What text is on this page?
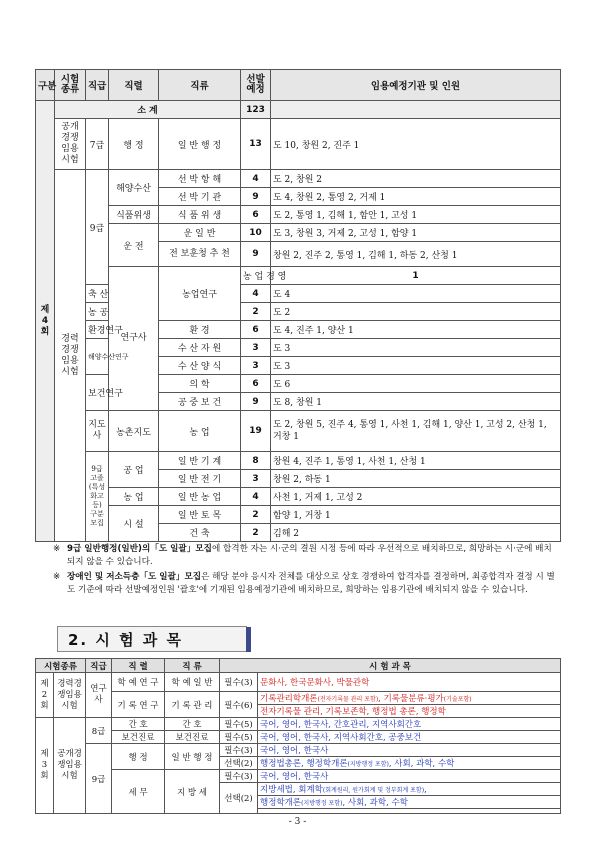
구분	시험종류	직급	직렬	직류	선발예정	임용예정기관 및 인원	
제4회	소 계				123		
	공개경쟁임용시험	7급	행 정	일 반 행 정	13	도 10, 창원 2, 진주 1	
	경력경쟁임용시험	9급	해양수산	선 박 항 해	4	도 2, 창원 2	
				선 박 기 관	9	도 4, 창원 2, 통영 2, 거제 1	
			식품위생	식 품 위 생	6	도 2, 통영 1, 김해 1, 함안 1, 고성 1	
			운 전	운 일 반	10	도 3, 창원 3, 거제 2, 고성 1, 함양 1	
				전 보훈청 추 천	9	창원 2, 진주 2, 통영 1, 김해 1, 하동 2, 산청 1	
			연구사	농업연구	농 업 경 영	1	
		축 산			4	도 4	
		농 공			2	도 2	
		환경연구		환 경	6	도 4, 진주 1, 양산 1	
		해양수산연구		수 산 자 원	3	도 3	
				수 산 양 식	3	도 3	
		보건연구		의 학	6	도 6	
				공 중 보 건	9	도 8, 창원 1	
		지도사	농촌지도	농 업	19	도 2, 창원 5, 진주 4, 통영 1, 사천 1, 김해 1, 양산 1, 고성 2, 산청 1, 거창 1	
		9급 고졸 (특성화고 등) 구분 모집	공 업	일 반 기 계	8	창원 4, 진주 1, 통영 1, 사천 1, 산청 1	
				일 반 전 기	3	창원 2, 하동 1	
			농 업	일 반 농 업	4	사천 1, 거제 1, 고성 2	
			시 설	일 반 토 목	2	함양 1, 거창 1	
				건 축	2	김해 2	
※ 9급 일반행정(일반)의「도 일괄」모집에 합격한 자는 시·군의 결원 시정 등에 따라 우선적으로 배치하므로, 희망하는 시·군에 배치되지 않을 수 있습니다.
※ 장애인 및 저소득층「도 일괄」모집은 해당 분야 응시자 전체를 대상으로 상호 경쟁하여 합격자를 결정하며, 최종합격자 결정 시 별도 기준에 따라 선발예정인원 '괄호'에 기재된 임용예정기관에 배치하므로, 희망하는 임용기관에 배치되지 않을 수 있습니다.
2. 시 험 과 목
시험종류		직급	직 렬	직 류	시 험 과 목	
제2회	경력경쟁임용시험	연구사	학 예 연 구	학 예 일 반	필수(3)	문화사, 한국문화사, 박물관학
			기 록 연 구	기 록 관 리	필수(6)	기록관리학개론(전자기록물 관리 포함), 기록물분류·평가(기술포함)
						전자기록물 관리, 기록보존학, 행정법 총론, 행정학
제3회	공개경쟁임용시험	8급	간 호	간 호	필수(5)	국어, 영어, 한국사, 간호관리, 지역사회간호
			보건진료	보건진료	필수(5)	국어, 영어, 한국사, 지역사회간호, 공중보건
		9급	행 정	일 반 행 정	필수(3)	국어, 영어, 한국사
					선택(2)	행정법총론, 행정학개론(지방행정 포함), 사회, 과학, 수학
			세 무	지 방 세	필수(3)	국어, 영어, 한국사
					선택(2)	지방세법, 회계학(회계원리, 원가회계 및 정부회계 포함),
						행정학개론(지방행정 포함), 사회, 과학, 수학

- 3 -
